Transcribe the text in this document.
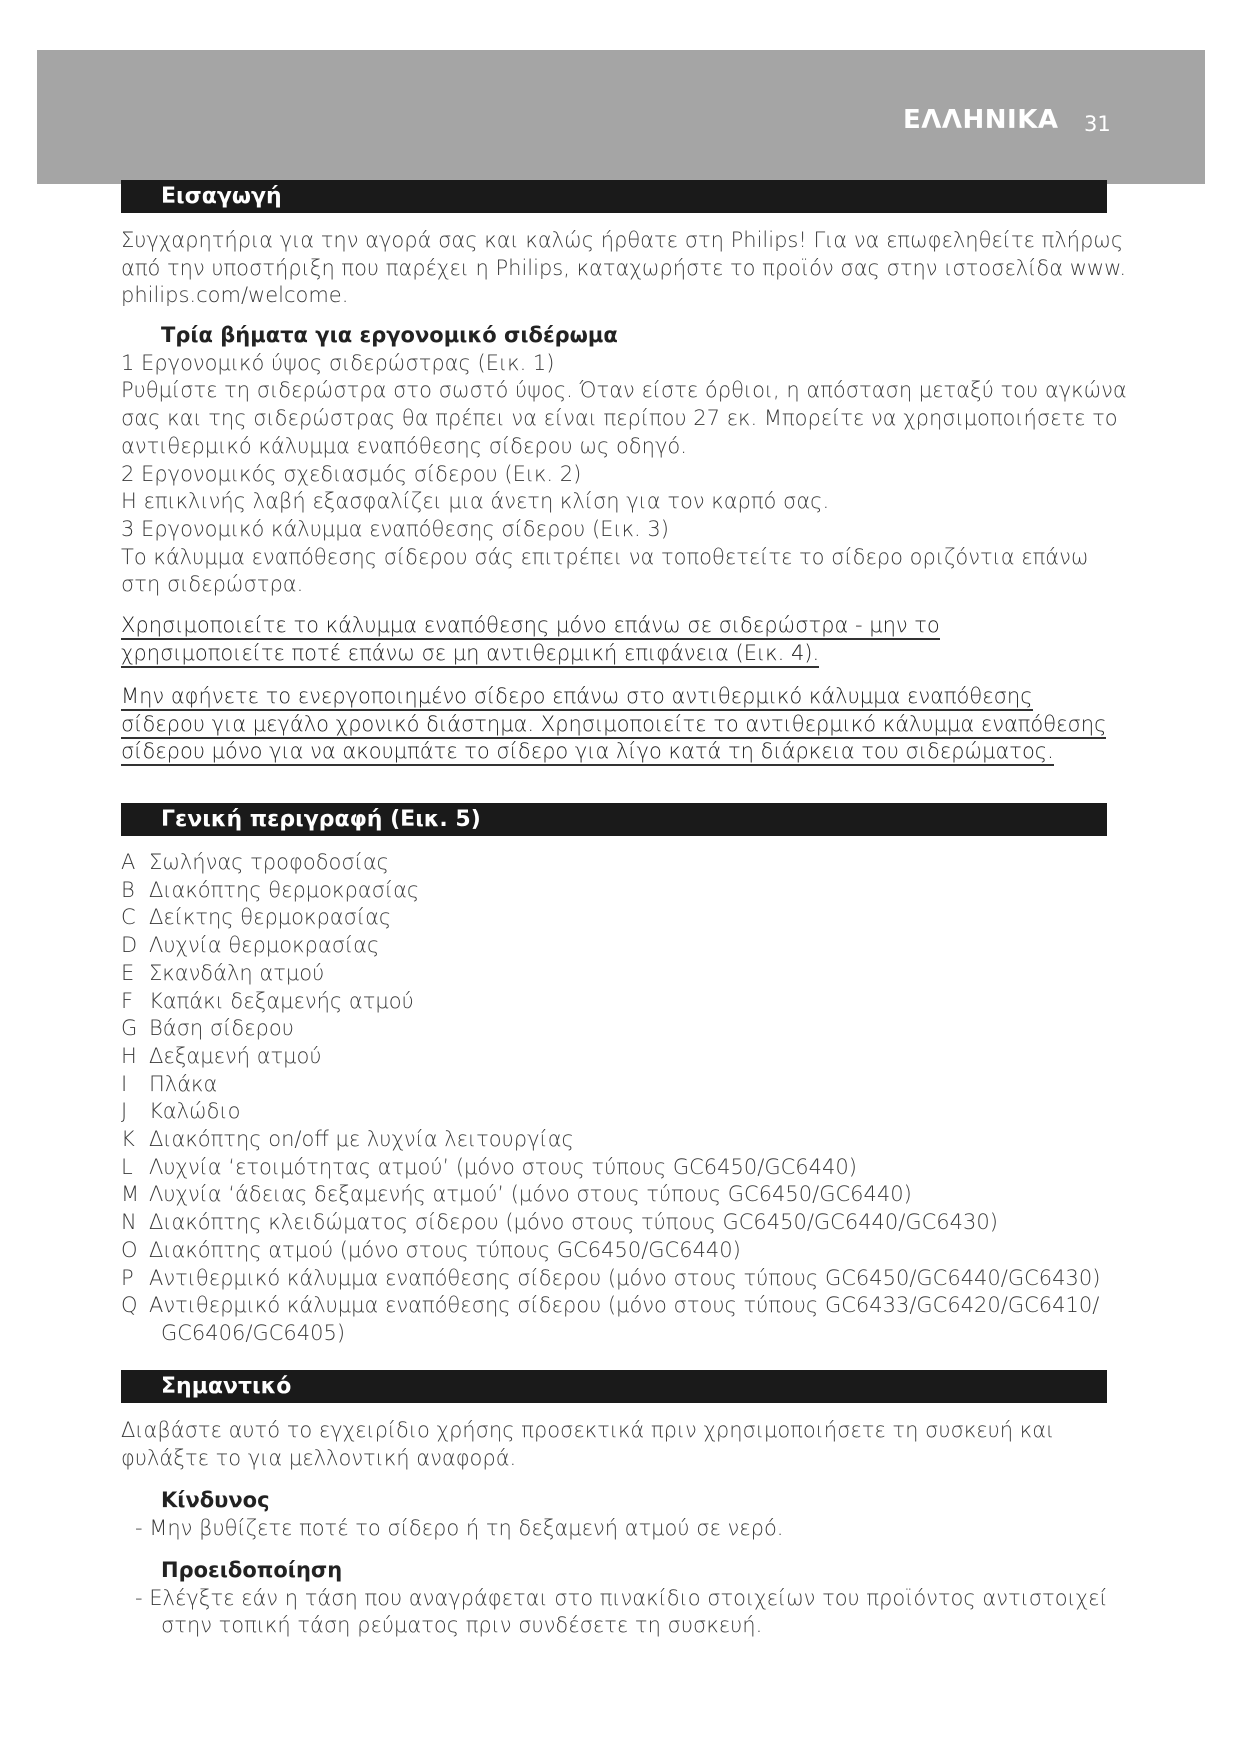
ΕΛΛΗΝΙΚΑ 31
Εισαγωγή
Συγχαρητήρια για την αγορά σας και καλώς ήρθατε στη Philips! Για να επωφεληθείτε πλήρως
από την υποστήριξη που παρέχει η Philips, καταχωρήστε το προϊόν σας στην ιστοσελίδα www.
philips.com/welcome.
Τρία βήματα για εργονομικό σιδέρωμα
1 Εργονομικό ύψος σιδερώστρας (Εικ. 1)
Ρυθμίστε τη σιδερώστρα στο σωστό ύψος. Όταν είστε όρθιοι, η απόσταση μεταξύ του αγκώνα
σας και της σιδερώστρας θα πρέπει να είναι περίπου 27 εκ. Μπορείτε να χρησιμοποιήσετε το
αντιθερμικό κάλυμμα εναπόθεσης σίδερου ως οδηγό.
2 Εργονομικός σχεδιασμός σίδερου (Εικ. 2)
Η επικλινής λαβή εξασφαλίζει μια άνετη κλίση για τον καρπό σας.
3 Εργονομικό κάλυμμα εναπόθεσης σίδερου (Εικ. 3)
Το κάλυμμα εναπόθεσης σίδερου σάς επιτρέπει να τοποθετείτε το σίδερο οριζόντια επάνω
στη σιδερώστρα.
Χρησιμοποιείτε το κάλυμμα εναπόθεσης μόνο επάνω σε σιδερώστρα - μην το
χρησιμοποιείτε ποτέ επάνω σε μη αντιθερμική επιφάνεια (Εικ. 4).
Μην αφήνετε το ενεργοποιημένο σίδερο επάνω στο αντιθερμικό κάλυμμα εναπόθεσης
σίδερου για μεγάλο χρονικό διάστημα. Χρησιμοποιείτε το αντιθερμικό κάλυμμα εναπόθεσης
σίδερου μόνο για να ακουμπάτε το σίδερο για λίγο κατά τη διάρκεια του σιδερώματος.
Γενική περιγραφή (Εικ. 5)
A Σωλήνας τροφοδοσίας
B Διακόπτης θερμοκρασίας
C Δείκτης θερμοκρασίας
D Λυχνία θερμοκρασίας
E Σκανδάλη ατμού
F Καπάκι δεξαμενής ατμού
G Βάση σίδερου
H Δεξαμενή ατμού
I Πλάκα
J Καλώδιο
K Διακόπτης on/off με λυχνία λειτουργίας
L Λυχνία ‘ετοιμότητας ατμού’ (μόνο στους τύπους GC6450/GC6440)
M Λυχνία ‘άδειας δεξαμενής ατμού’ (μόνο στους τύπους GC6450/GC6440)
N Διακόπτης κλειδώματος σίδερου (μόνο στους τύπους GC6450/GC6440/GC6430)
O Διακόπτης ατμού (μόνο στους τύπους GC6450/GC6440)
P Αντιθερμικό κάλυμμα εναπόθεσης σίδερου (μόνο στους τύπους GC6450/GC6440/GC6430)
Q Αντιθερμικό κάλυμμα εναπόθεσης σίδερου (μόνο στους τύπους GC6433/GC6420/GC6410/
GC6406/GC6405)
Σημαντικό
Διαβάστε αυτό το εγχειρίδιο χρήσης προσεκτικά πριν χρησιμοποιήσετε τη συσκευή και
φυλάξτε το για μελλοντική αναφορά.
Κίνδυνος
- Μην βυθίζετε ποτέ το σίδερο ή τη δεξαμενή ατμού σε νερό.
Προειδοποίηση
- Ελέγξτε εάν η τάση που αναγράφεται στο πινακίδιο στοιχείων του προϊόντος αντιστοιχεί
στην τοπική τάση ρεύματος πριν συνδέσετε τη συσκευή.
